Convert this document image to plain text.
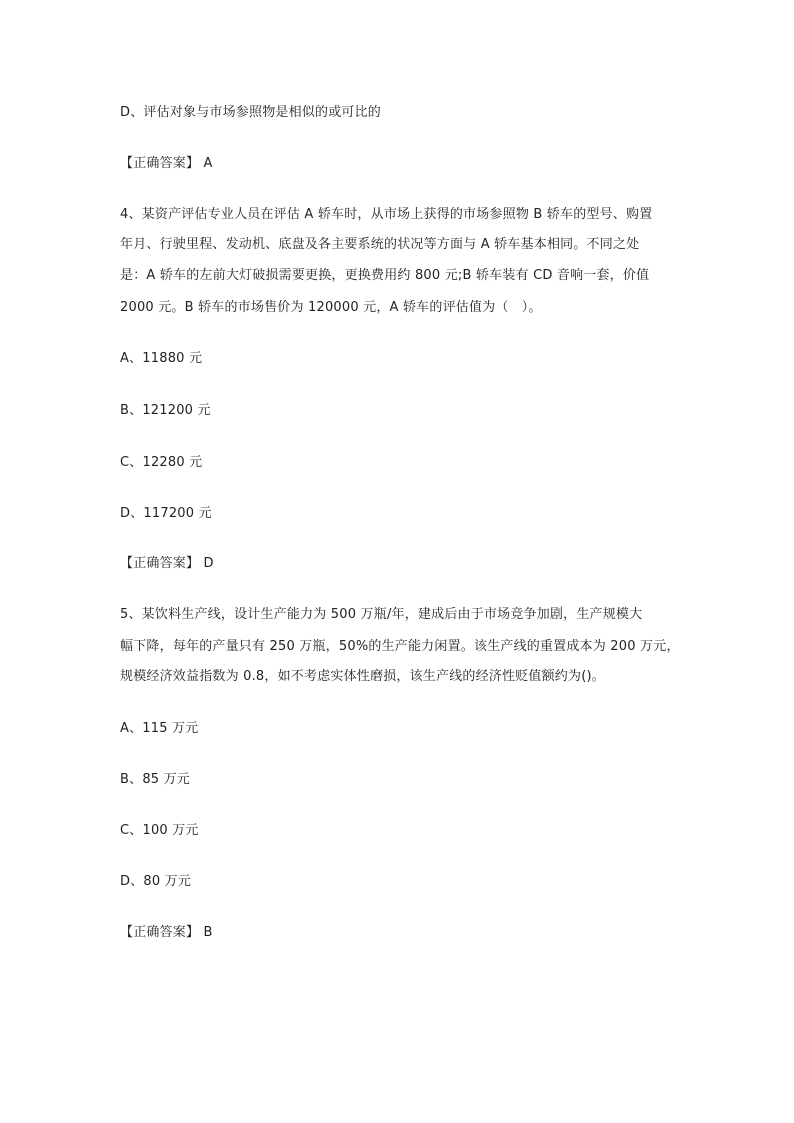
D、评估对象与市场参照物是相似的或可比的
【正确答案】 A
4、某资产评估专业人员在评估 A 轿车时，从市场上获得的市场参照物 B 轿车的型号、购置
年月、行驶里程、发动机、底盘及各主要系统的状况等方面与 A 轿车基本相同。不同之处
是：A 轿车的左前大灯破损需要更换，更换费用约 800 元;B 轿车装有 CD 音响一套，价值
2000 元。B 轿车的市场售价为 120000 元，A 轿车的评估值为（　）。
A、11880 元
B、121200 元
C、12280 元
D、117200 元
【正确答案】 D
5、某饮料生产线，设计生产能力为 500 万瓶/年，建成后由于市场竞争加剧，生产规模大
幅下降，每年的产量只有 250 万瓶，50%的生产能力闲置。该生产线的重置成本为 200 万元，
规模经济效益指数为 0.8，如不考虑实体性磨损，该生产线的经济性贬值额约为()。
A、115 万元
B、85 万元
C、100 万元
D、80 万元
【正确答案】 B
